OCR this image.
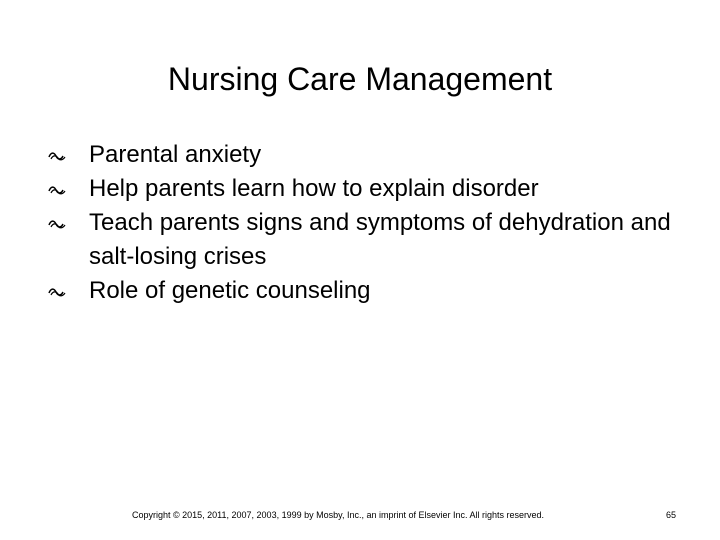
Nursing Care Management
Parental anxiety
Help parents learn how to explain disorder
Teach parents signs and symptoms of dehydration and salt-losing crises
Role of genetic counseling
Copyright © 2015, 2011, 2007, 2003, 1999 by Mosby, Inc., an imprint of Elsevier Inc. All rights reserved.	65
